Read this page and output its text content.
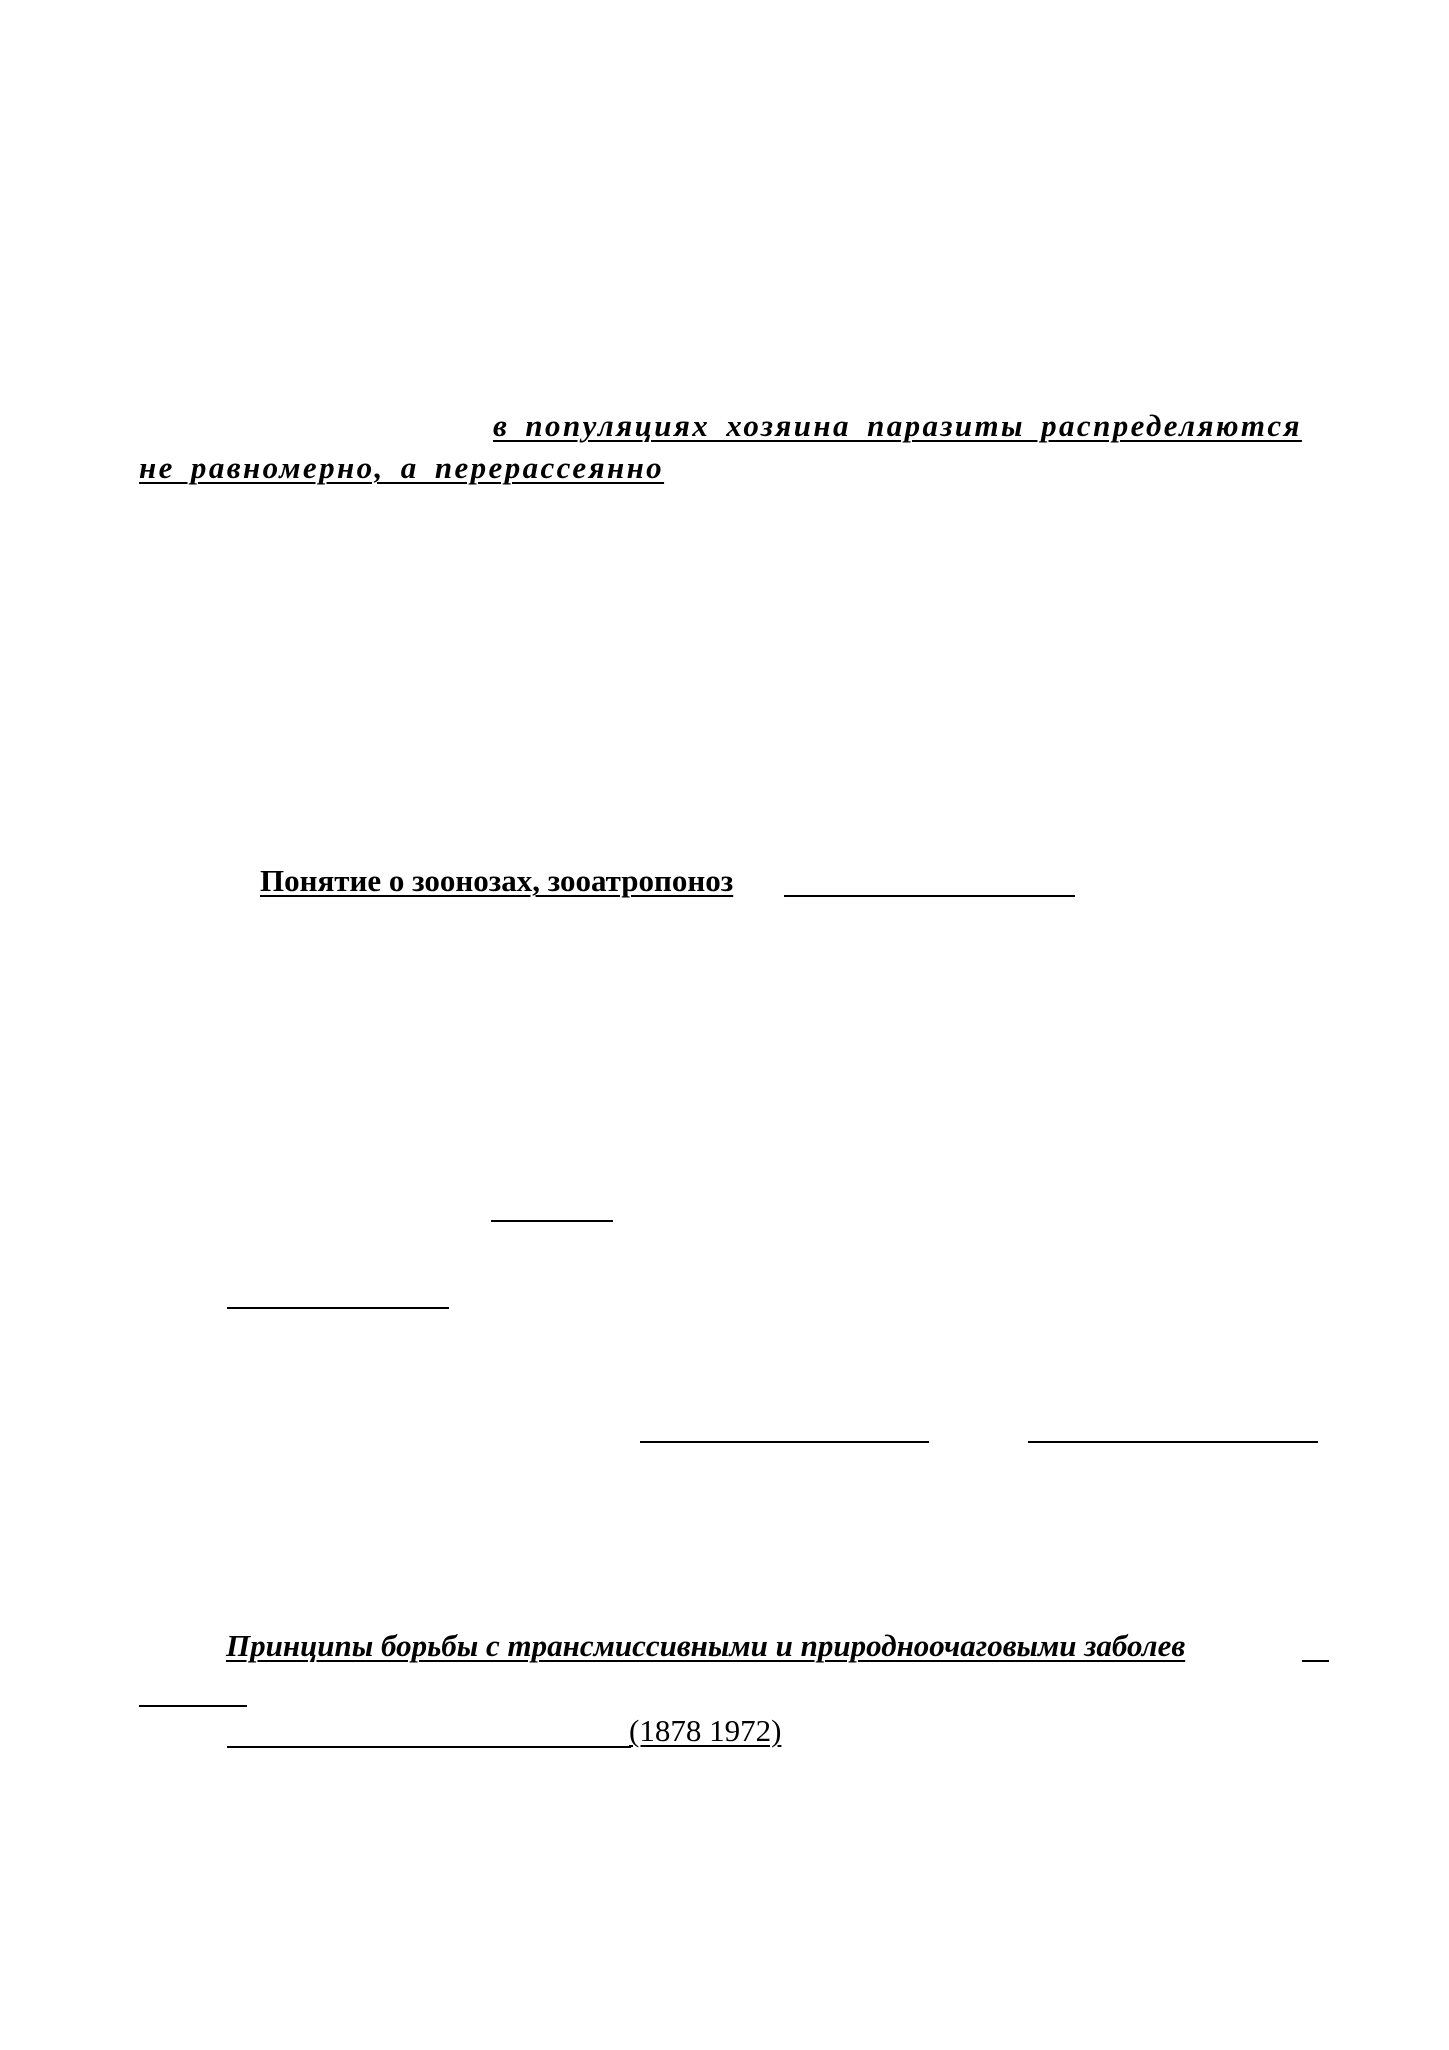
в популяциях хозяина паразиты распределяются
не равномерно, а перерассеянно
Понятие о зоонозах, зооатропоноз
Принципы борьбы с трансмиссивными и природноочаговыми заболев
(1878 1972)
